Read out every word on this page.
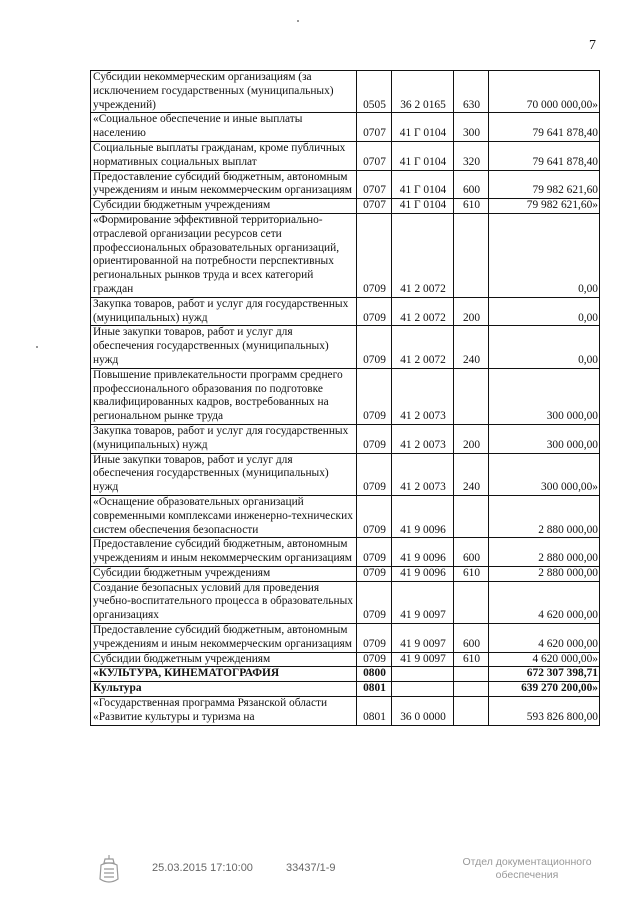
7
Субсидии некоммерческим организациям (за исключением государственных (муниципальных) учреждений)	0505	36 2 0165	630	70 000 000,00»
«Социальное обеспечение и иные выплаты населению	0707	41 Г 0104	300	79 641 878,40
Социальные выплаты гражданам, кроме публичных нормативных социальных выплат	0707	41 Г 0104	320	79 641 878,40
Предоставление субсидий бюджетным, автономным учреждениям и иным некоммерческим организациям	0707	41 Г 0104	600	79 982 621,60
Субсидии бюджетным учреждениям	0707	41 Г 0104	610	79 982 621,60»
«Формирование эффективной территориально-отраслевой организации ресурсов сети профессиональных образовательных организаций, ориентированной на потребности перспективных региональных рынков труда и всех категорий граждан	0709	41 2 0072		0,00
Закупка товаров, работ и услуг для государственных (муниципальных) нужд	0709	41 2 0072	200	0,00
Иные закупки товаров, работ и услуг для обеспечения государственных (муниципальных) нужд	0709	41 2 0072	240	0,00
Повышение привлекательности программ среднего профессионального образования по подготовке квалифицированных кадров, востребованных на региональном рынке труда	0709	41 2 0073		300 000,00
Закупка товаров, работ и услуг для государственных (муниципальных) нужд	0709	41 2 0073	200	300 000,00
Иные закупки товаров, работ и услуг для обеспечения государственных (муниципальных) нужд	0709	41 2 0073	240	300 000,00»
«Оснащение образовательных организаций современными комплексами инженерно-технических систем обеспечения безопасности	0709	41 9 0096		2 880 000,00
Предоставление субсидий бюджетным, автономным учреждениям и иным некоммерческим организациям	0709	41 9 0096	600	2 880 000,00
Субсидии бюджетным учреждениям	0709	41 9 0096	610	2 880 000,00
Создание безопасных условий для проведения учебно-воспитательного процесса в образовательных организациях	0709	41 9 0097		4 620 000,00
Предоставление субсидий бюджетным, автономным учреждениям и иным некоммерческим организациям	0709	41 9 0097	600	4 620 000,00
Субсидии бюджетным учреждениям	0709	41 9 0097	610	4 620 000,00»
«КУЛЬТУРА, КИНЕМАТОГРАФИЯ	0800			672 307 398,71
Культура	0801			639 270 200,00»
«Государственная программа Рязанской области «Развитие культуры и туризма на	0801	36 0 0000		593 826 800,00
25.03.2015 17:10:00	33437/1-9	Отдел документационного обеспечения
